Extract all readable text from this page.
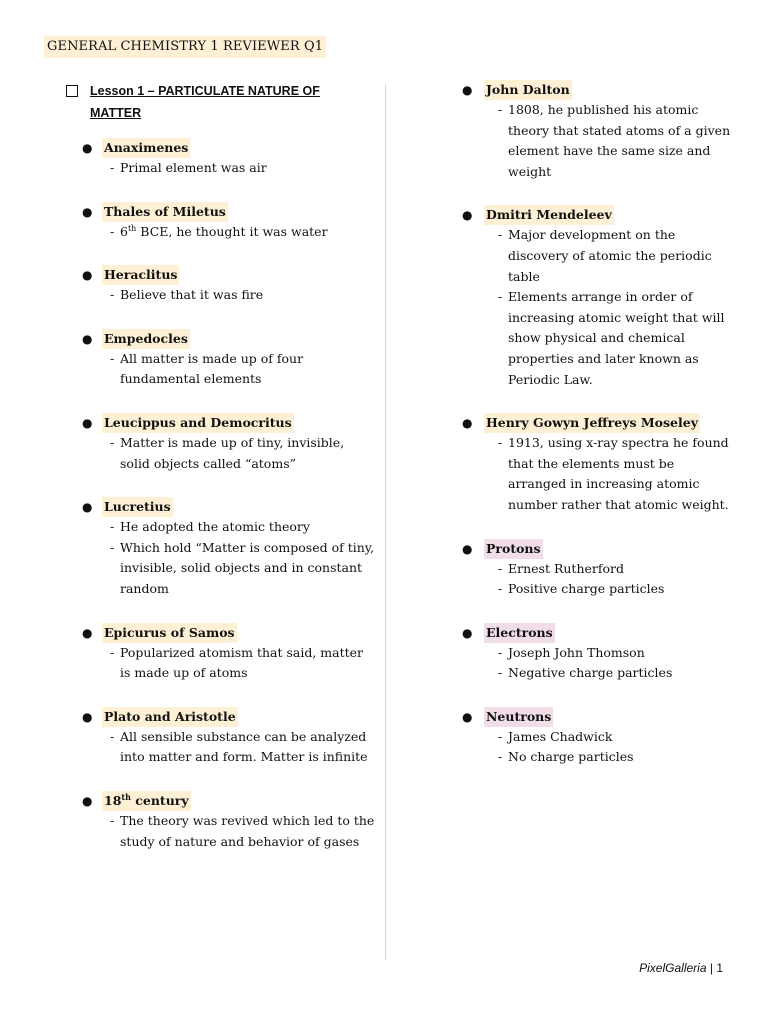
GENERAL CHEMISTRY 1 REVIEWER Q1
Lesson 1 – PARTICULATE NATURE OF MATTER
● Anaximenes
- Primal element was air
● Thales of Miletus
- 6th BCE, he thought it was water
● Heraclitus
- Believe that it was fire
● Empedocles
- All matter is made up of four fundamental elements
● Leucippus and Democritus
- Matter is made up of tiny, invisible, solid objects called “atoms”
● Lucretius
- He adopted the atomic theory
- Which hold “Matter is composed of tiny, invisible, solid objects and in constant random
● Epicurus of Samos
- Popularized atomism that said, matter is made up of atoms
● Plato and Aristotle
- All sensible substance can be analyzed into matter and form. Matter is infinite
● 18th century
- The theory was revived which led to the study of nature and behavior of gases
●	John Dalton
- 1808, he published his atomic theory that stated atoms of a given element have the same size and weight
●	Dmitri Mendeleev
- Major development on the discovery of atomic the periodic table
- Elements arrange in order of increasing atomic weight that will show physical and chemical properties and later known as Periodic Law.
●	Henry Gowyn Jeffreys Moseley
- 1913, using x-ray spectra he found that the elements must be arranged in increasing atomic number rather that atomic weight.
●	Protons
- Ernest Rutherford
- Positive charge particles
●	Electrons
- Joseph John Thomson
- Negative charge particles
●	Neutrons
- James Chadwick
- No charge particles
PixelGalleria | 1
